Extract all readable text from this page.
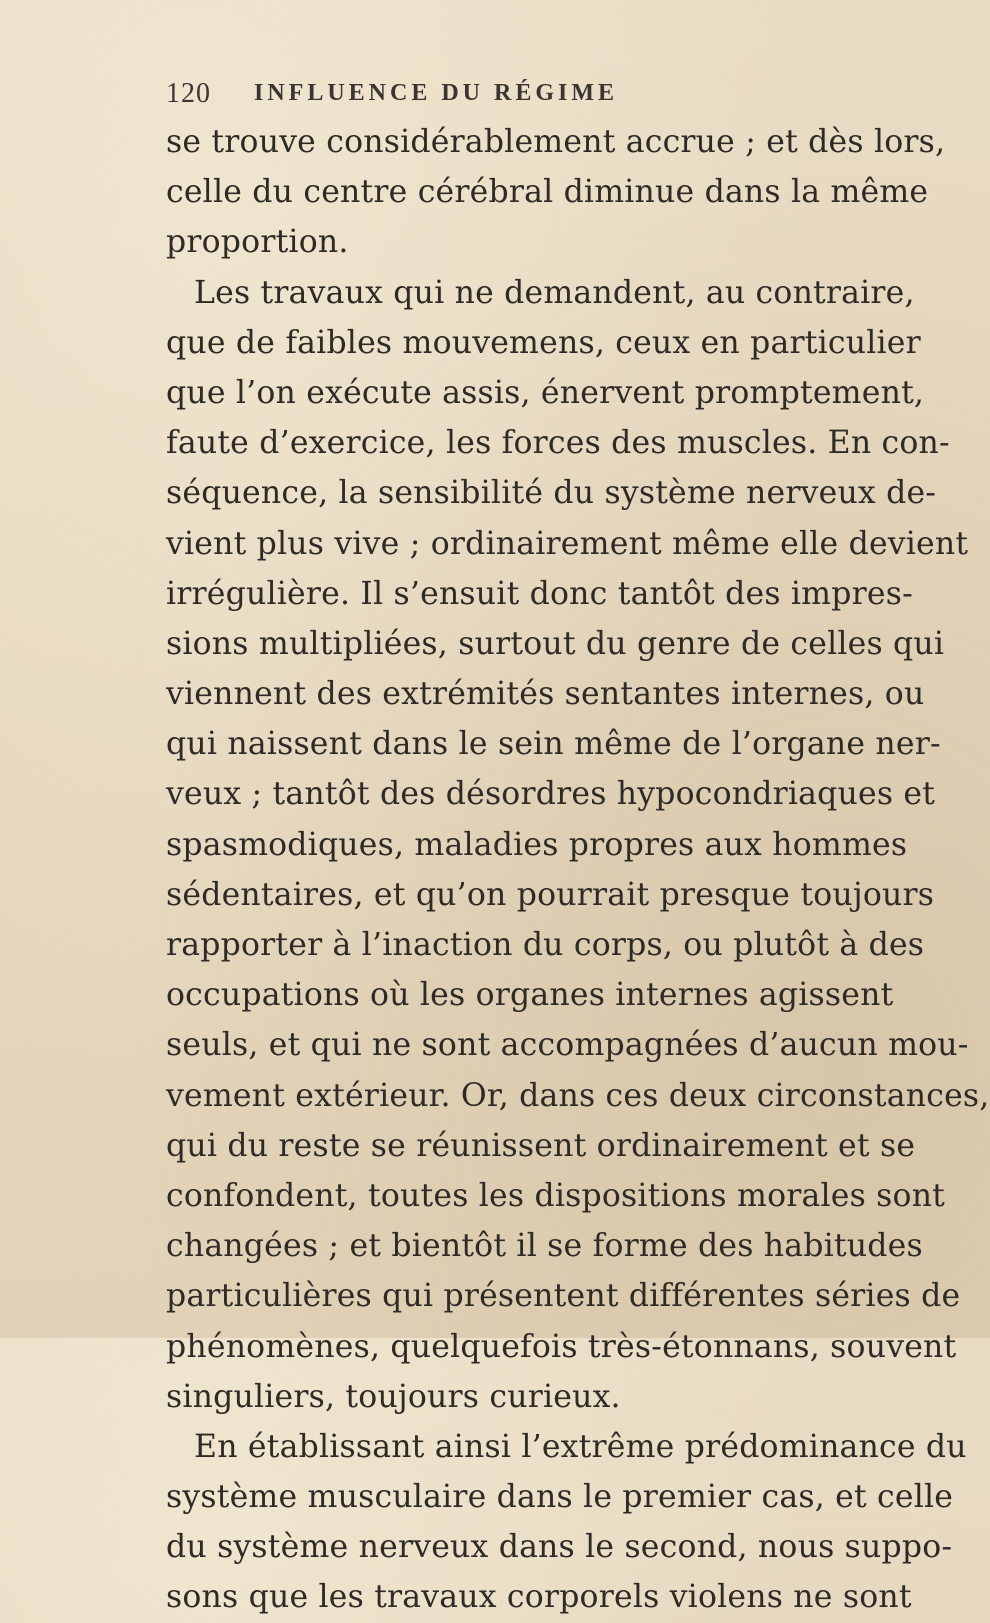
120 INFLUENCE DU RÉGIME
se trouve considérablement accrue ; et dès lors,
celle du centre cérébral diminue dans la même
proportion.
Les travaux qui ne demandent, au contraire,
que de faibles mouvemens, ceux en particulier
que l’on exécute assis, énervent promptement,
faute d’exercice, les forces des muscles. En con-
séquence, la sensibilité du système nerveux de-
vient plus vive ; ordinairement même elle devient
irrégulière. Il s’ensuit donc tantôt des impres-
sions multipliées, surtout du genre de celles qui
viennent des extrémités sentantes internes, ou
qui naissent dans le sein même de l’organe ner-
veux ; tantôt des désordres hypocondriaques et
spasmodiques, maladies propres aux hommes
sédentaires, et qu’on pourrait presque toujours
rapporter à l’inaction du corps, ou plutôt à des
occupations où les organes internes agissent
seuls, et qui ne sont accompagnées d’aucun mou-
vement extérieur. Or, dans ces deux circonstances,
qui du reste se réunissent ordinairement et se
confondent, toutes les dispositions morales sont
changées ; et bientôt il se forme des habitudes
particulières qui présentent différentes séries de
phénomènes, quelquefois très-étonnans, souvent
singuliers, toujours curieux.
En établissant ainsi l’extrême prédominance du
système musculaire dans le premier cas, et celle
du système nerveux dans le second, nous suppo-
sons que les travaux corporels violens ne sont
